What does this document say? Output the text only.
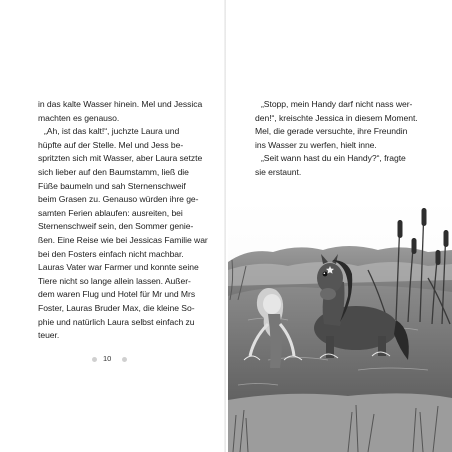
in das kalte Wasser hinein. Mel und Jessica
machten es genauso.
„Ah, ist das kalt!“, juchzte Laura und
hüpfte auf der Stelle. Mel und Jess be-
spritzten sich mit Wasser, aber Laura setzte
sich lieber auf den Baumstamm, ließ die
Füße baumeln und sah Sternenschweif
beim Grasen zu. Genauso würden ihre ge-
samten Ferien ablaufen: ausreiten, bei
Sternenschweif sein, den Sommer genie-
ßen. Eine Reise wie bei Jessicas Familie war
bei den Fosters einfach nicht machbar.
Lauras Vater war Farmer und konnte seine
Tiere nicht so lange allein lassen. Außer-
dem waren Flug und Hotel für Mr und Mrs
Foster, Lauras Bruder Max, die kleine So-
phie und natürlich Laura selbst einfach zu
teuer.
10
„Stopp, mein Handy darf nicht nass wer-
den!“, kreischte Jessica in diesem Moment.
Mel, die gerade versuchte, ihre Freundin
ins Wasser zu werfen, hielt inne.
„Seit wann hast du ein Handy?“, fragte
sie erstaunt.
